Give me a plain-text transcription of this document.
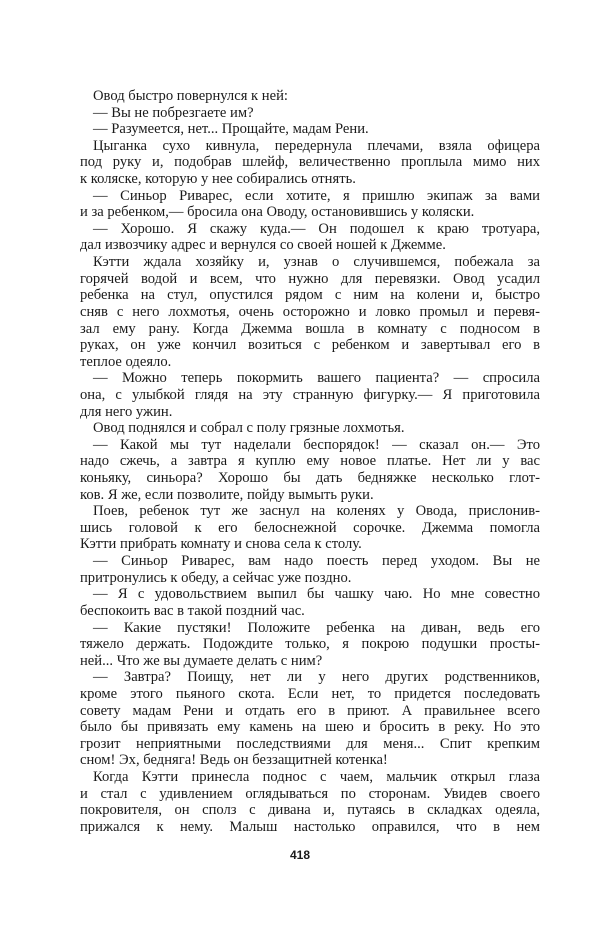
Овод быстро повернулся к ней:
— Вы не побрезгаете им?
— Разумеется, нет... Прощайте, мадам Рени.
Цыганка сухо кивнула, передернула плечами, взяла офицера
под руку и, подобрав шлейф, величественно проплыла мимо них
к коляске, которую у нее собирались отнять.
— Синьор Риварес, если хотите, я пришлю экипаж за вами
и за ребенком,— бросила она Оводу, остановившись у коляски.
— Хорошо. Я скажу куда.— Он подошел к краю тротуара,
дал извозчику адрес и вернулся со своей ношей к Джемме.
Кэтти ждала хозяйку и, узнав о случившемся, побежала за
горячей водой и всем, что нужно для перевязки. Овод усадил
ребенка на стул, опустился рядом с ним на колени и, быстро
сняв с него лохмотья, очень осторожно и ловко промыл и перевя-
зал ему рану. Когда Джемма вошла в комнату с подносом в
руках, он уже кончил возиться с ребенком и завертывал его в
теплое одеяло.
— Можно теперь покормить вашего пациента? — спросила
она, с улыбкой глядя на эту странную фигурку.— Я приготовила
для него ужин.
Овод поднялся и собрал с полу грязные лохмотья.
— Какой мы тут наделали беспорядок! — сказал он.— Это
надо сжечь, а завтра я куплю ему новое платье. Нет ли у вас
коньяку, синьора? Хорошо бы дать бедняжке несколько глот-
ков. Я же, если позволите, пойду вымыть руки.
Поев, ребенок тут же заснул на коленях у Овода, прислонив-
шись головой к его белоснежной сорочке. Джемма помогла
Кэтти прибрать комнату и снова села к столу.
— Синьор Риварес, вам надо поесть перед уходом. Вы не
притронулись к обеду, а сейчас уже поздно.
— Я с удовольствием выпил бы чашку чаю. Но мне совестно
беспокоить вас в такой поздний час.
— Какие пустяки! Положите ребенка на диван, ведь его
тяжело держать. Подождите только, я покрою подушки просты-
ней... Что же вы думаете делать с ним?
— Завтра? Поищу, нет ли у него других родственников,
кроме этого пьяного скота. Если нет, то придется последовать
совету мадам Рени и отдать его в приют. А правильнее всего
было бы привязать ему камень на шею и бросить в реку. Но это
грозит неприятными последствиями для меня... Спит крепким
сном! Эх, бедняга! Ведь он беззащитней котенка!
Когда Кэтти принесла поднос с чаем, мальчик открыл глаза
и стал с удивлением оглядываться по сторонам. Увидев своего
покровителя, он сполз с дивана и, путаясь в складках одеяла,
прижался к нему. Малыш настолько оправился, что в нем
418
